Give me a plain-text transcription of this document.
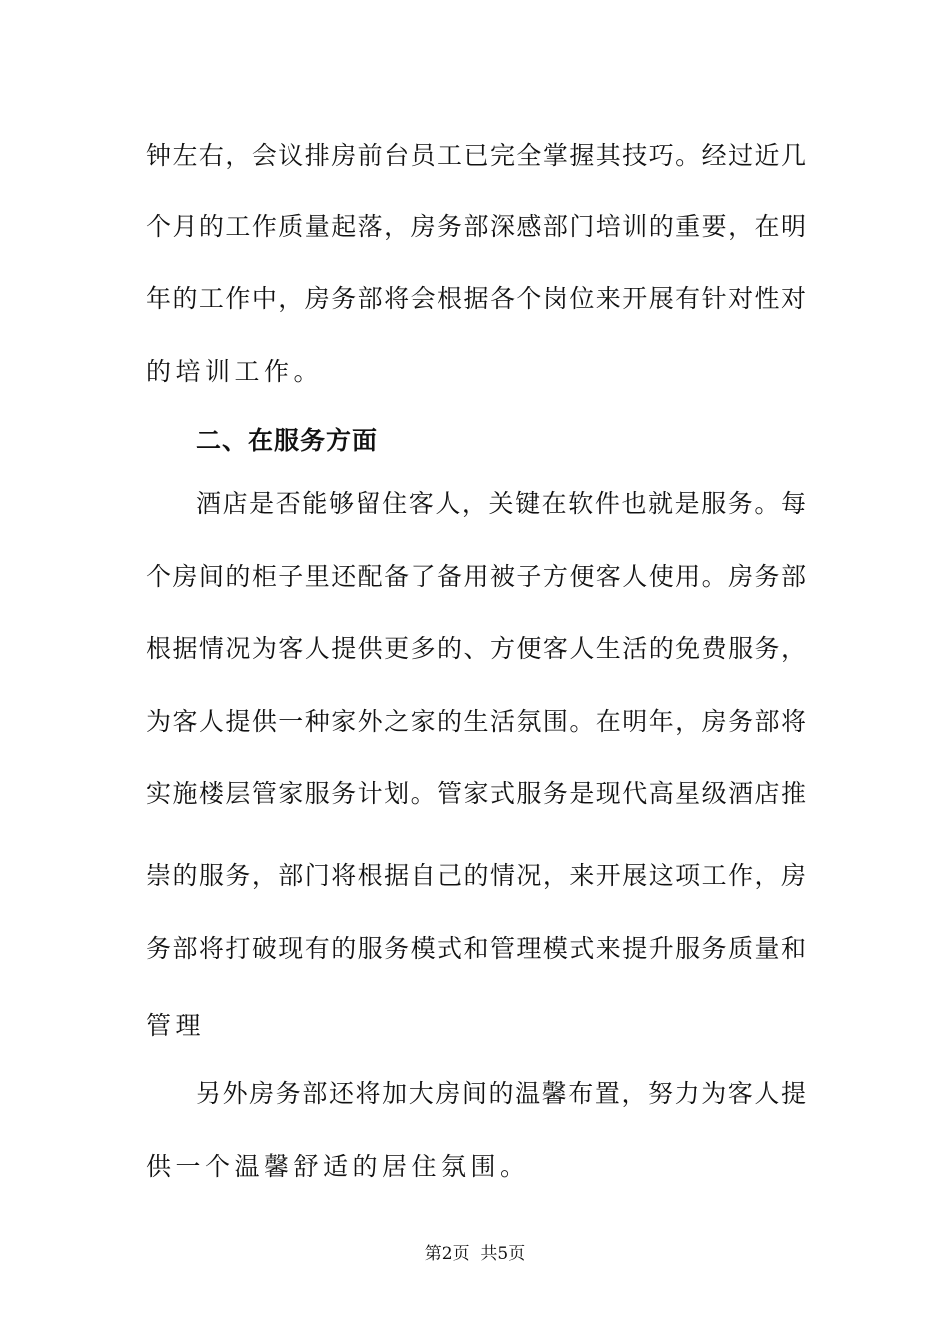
钟左右，会议排房前台员工已完全掌握其技巧。经过近几
个月的工作质量起落，房务部深感部门培训的重要，在明
年的工作中，房务部将会根据各个岗位来开展有针对性对
的培训工作。
二、在服务方面
酒店是否能够留住客人，关键在软件也就是服务。每
个房间的柜子里还配备了备用被子方便客人使用。房务部
根据情况为客人提供更多的、方便客人生活的免费服务，
为客人提供一种家外之家的生活氛围。在明年，房务部将
实施楼层管家服务计划。管家式服务是现代高星级酒店推
崇的服务，部门将根据自己的情况，来开展这项工作，房
务部将打破现有的服务模式和管理模式来提升服务质量和
管理
另外房务部还将加大房间的温馨布置，努力为客人提
供一个温馨舒适的居住氛围。
第2页  共5页
